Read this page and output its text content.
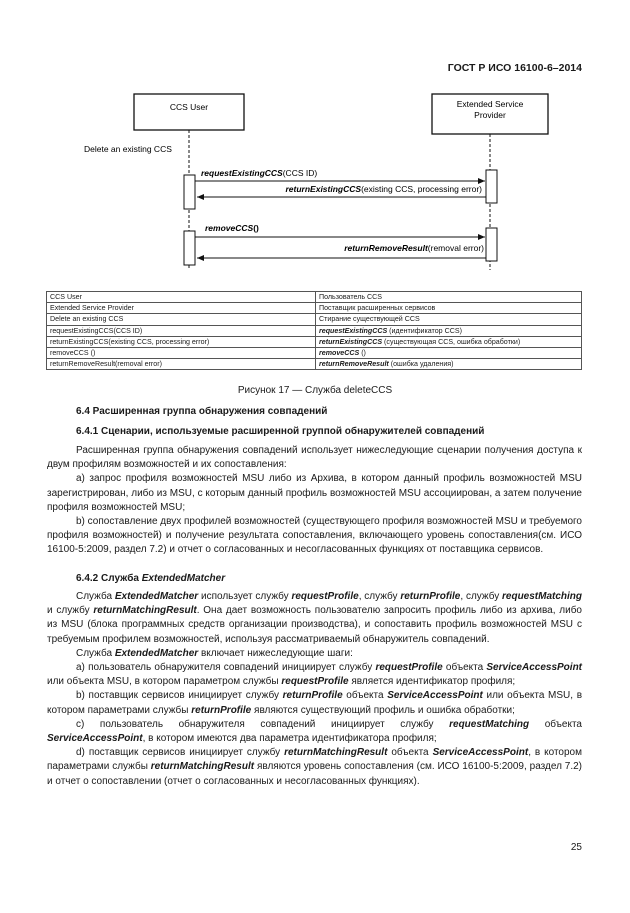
ГОСТ Р ИСО 16100-6–2014
CCS User	Extended Service
Provider
Delete an existing CCS
requestExistingCCS(CCS ID)
returnExistingCCS(existing CCS, processing error)
removeCCS()
returnRemoveResult(removal error)
CCS User	Пользователь CCS
Extended Service Provider	Поставщик расширенных сервисов
Delete an existing CCS	Стирание существующей CCS
requestExistingCCS(CCS ID)	requestExistingCCS (идентификатор CCS)
returnExistingCCS(existing CCS, processing error)	returnExistingCCS (существующая CCS, ошибка обработки)
removeCCS ()	removeCCS ()
returnRemoveResult(removal error)	returnRemoveResult (ошибка удаления)
Рисунок 17 — Служба deleteCCS
6.4 Расширенная группа обнаружения совпадений
6.4.1 Сценарии, используемые расширенной группой обнаружителей совпадений

Расширенная группа обнаружения совпадений использует нижеследующие сценарии получения доступа к двум профилям возможностей и их сопоставления:

а) запрос профиля возможностей MSU либо из Архива, в котором данный профиль возможностей MSU зарегистрирован, либо из MSU, с которым данный профиль возможностей MSU ассоциирован, а затем получение профиля возможностей MSU;

b) сопоставление двух профилей возможностей (существующего профиля возможностей MSU и требуемого профиля возможностей) и получение результата сопоставления, включающего уровень сопоставления(см. ИСО 16100-5:2009, раздел 7.2) и отчет о согласованных и несогласованных функциях от поставщика сервисов.

6.4.2 Служба ExtendedMatcher

Служба ExtendedMatcher использует службу requestProfile, службу returnProfile, службу requestMatching и службу returnMatchingResult. Она дает возможность пользователю запросить профиль либо из архива, либо из MSU (блока программных средств организации производства), и сопоставить профиль возможностей MSU с требуемым профилем возможностей, используя рассматриваемый обнаружитель совпадений.

Служба ExtendedMatcher включает нижеследующие шаги:

а) пользователь обнаружителя совпадений инициирует службу requestProfile объекта ServiceAccessPoint или объекта MSU, в котором параметром службы requestProfile является идентификатор профиля;

b) поставщик сервисов инициирует службу returnProfile объекта ServiceAccessPoint или объекта MSU, в котором параметрами службы returnProfile являются существующий профиль и ошибка обработки;

с) пользователь обнаружителя совпадений инициирует службу requestMatching объекта ServiceAccessPoint, в котором имеются два параметра идентификатора профиля;

d) поставщик сервисов инициирует службу returnMatchingResult объекта ServiceAccessPoint, в котором параметрами службы returnMatchingResult являются уровень сопоставления (см. ИСО 16100-5:2009, раздел 7.2) и отчет о сопоставлении (отчет о согласованных и несогласованных функциях).

25
